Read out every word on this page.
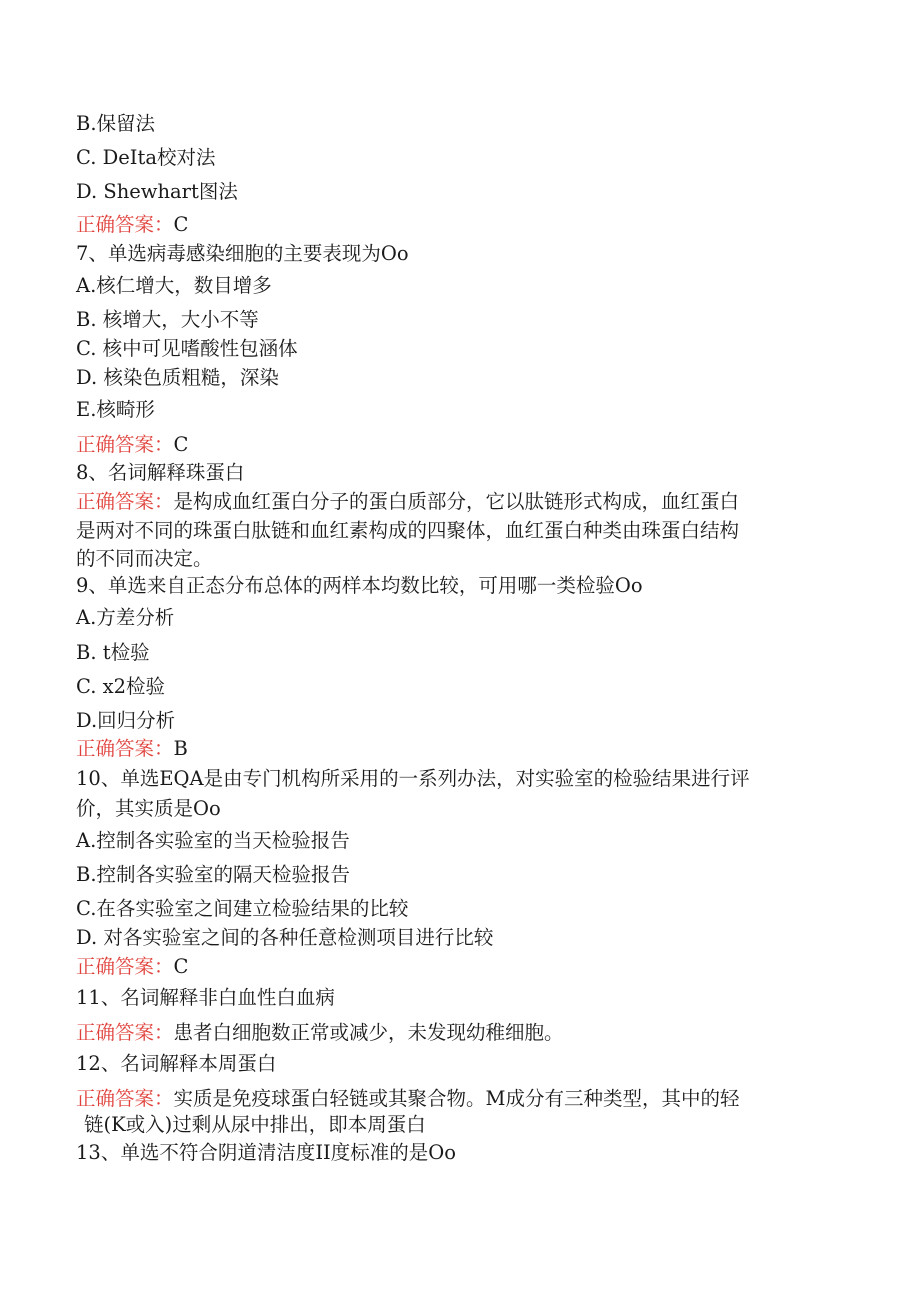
B.保留法
C. DeIta校对法
D. Shewhart图法
正确答案：C
7、单选病毒感染细胞的主要表现为Oo
A.核仁增大，数目增多
B. 核增大，大小不等
C. 核中可见嗜酸性包涵体
D. 核染色质粗糙，深染
E.核畸形
正确答案：C
8、名词解释珠蛋白
正确答案：是构成血红蛋白分子的蛋白质部分，它以肽链形式构成，血红蛋白
是两对不同的珠蛋白肽链和血红素构成的四聚体，血红蛋白种类由珠蛋白结构
的不同而决定。
9、单选来自正态分布总体的两样本均数比较，可用哪一类检验Oo
A.方差分析
B. t检验
C. x2检验
D.回归分析
正确答案：B
10、单选EQA是由专门机构所采用的一系列办法，对实验室的检验结果进行评
价，其实质是Oo
A.控制各实验室的当天检验报告
B.控制各实验室的隔天检验报告
C.在各实验室之间建立检验结果的比较
D. 对各实验室之间的各种任意检测项目进行比较
正确答案：C
11、名词解释非白血性白血病
正确答案：患者白细胞数正常或减少，未发现幼稚细胞。
12、名词解释本周蛋白
正确答案：实质是免疫球蛋白轻链或其聚合物。M成分有三种类型，其中的轻
链(K或入)过剩从尿中排出，即本周蛋白
13、单选不符合阴道清洁度II度标准的是Oo
